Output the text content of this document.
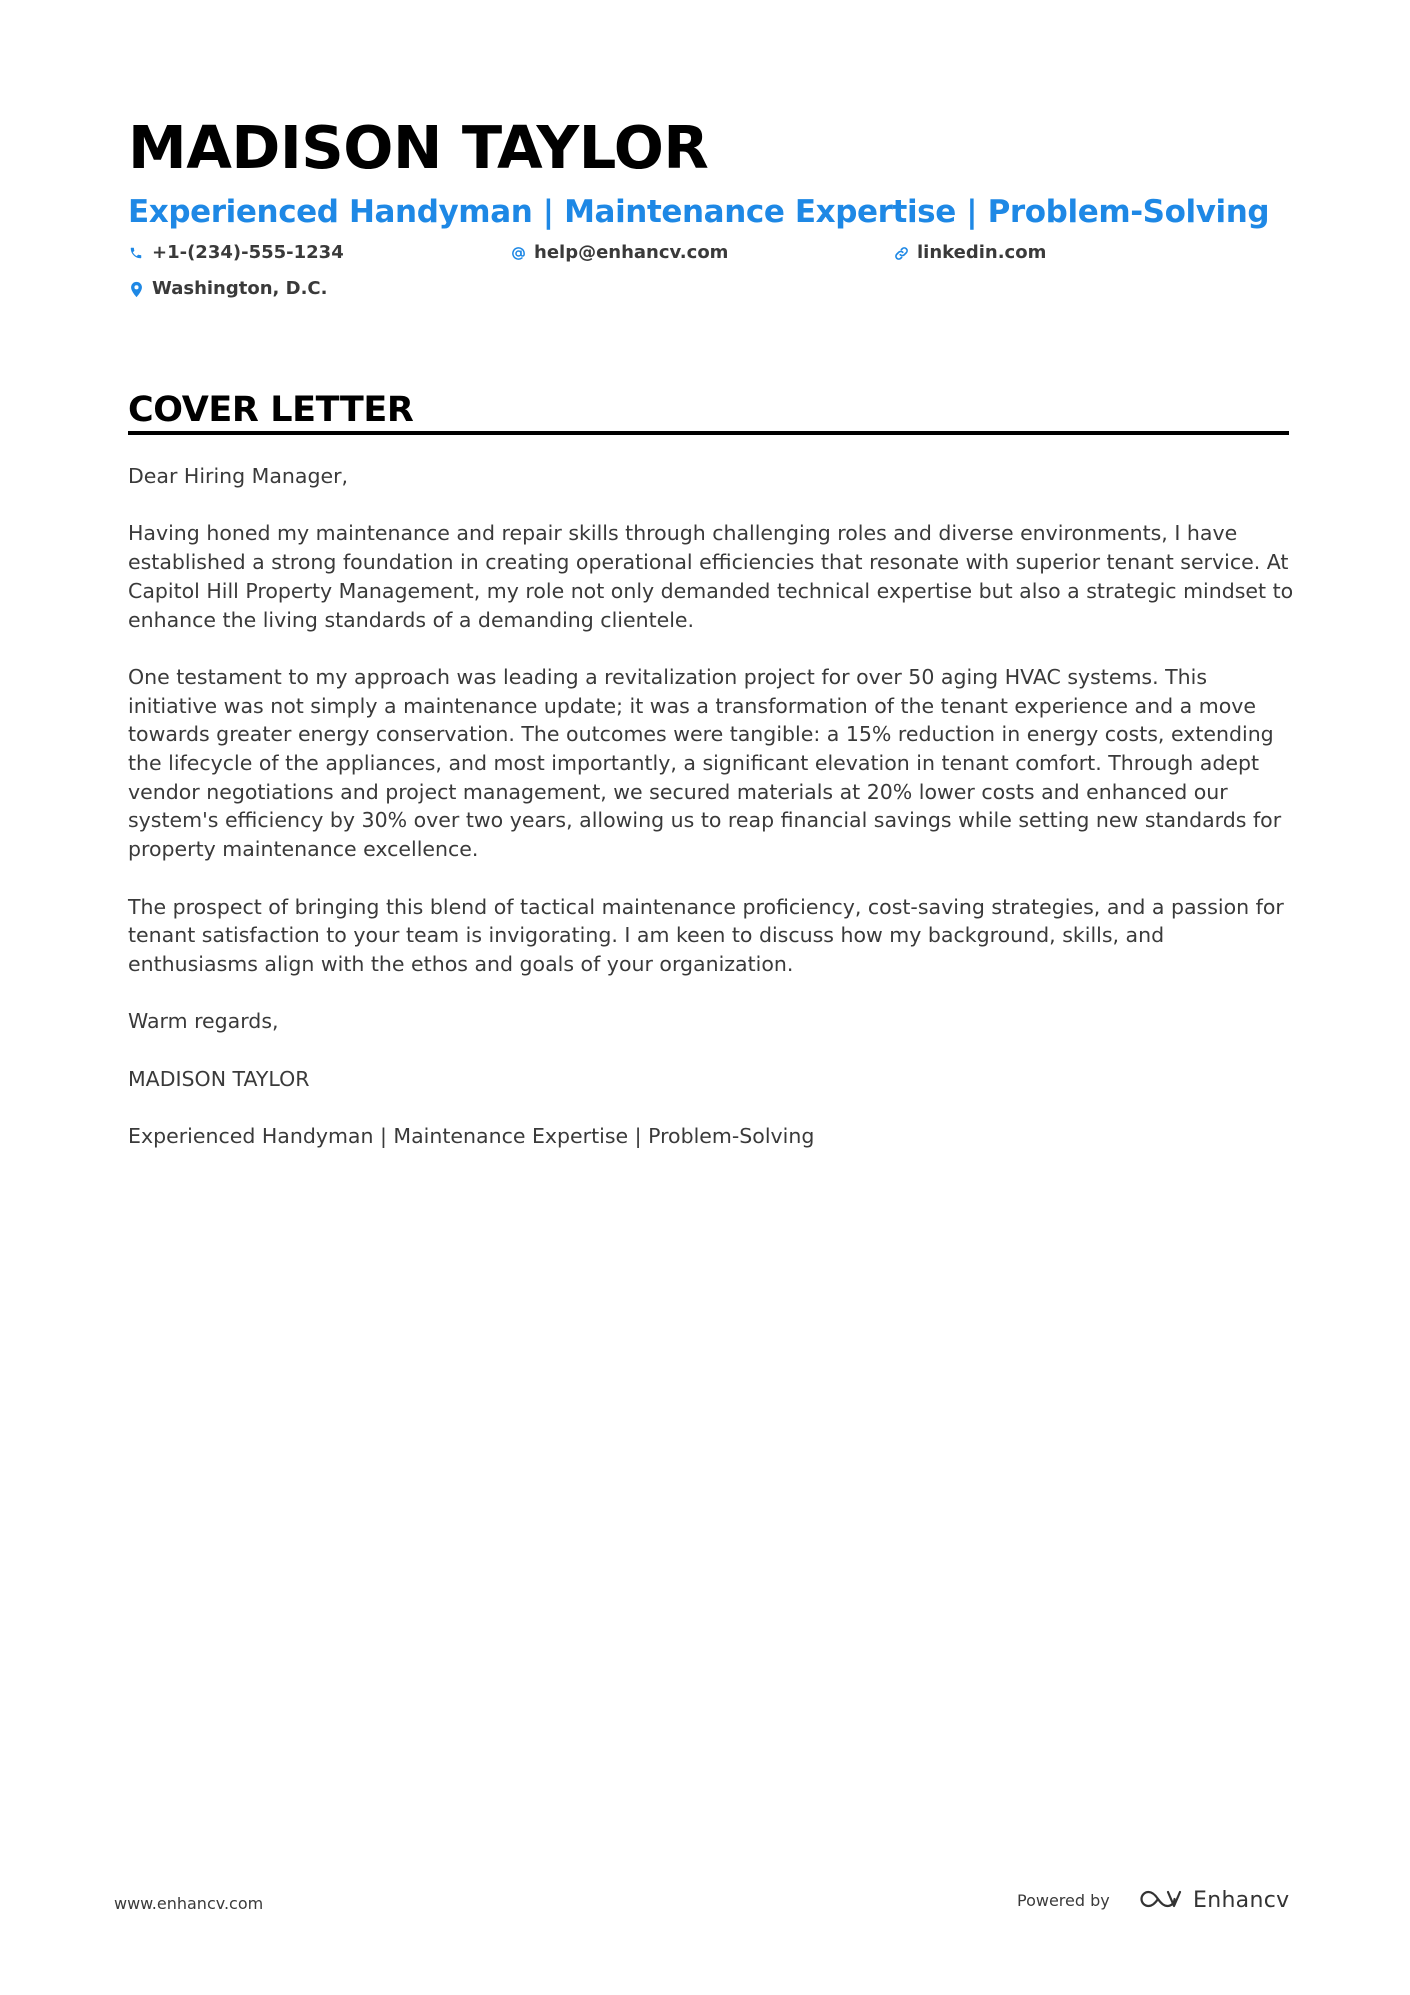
MADISON TAYLOR
Experienced Handyman | Maintenance Expertise | Problem-Solving
+1-(234)-555-1234	help@enhancv.com	linkedin.com
Washington, D.C.
COVER LETTER

Dear Hiring Manager,

Having honed my maintenance and repair skills through challenging roles and diverse environments, I have established a strong foundation in creating operational efficiencies that resonate with superior tenant service. At Capitol Hill Property Management, my role not only demanded technical expertise but also a strategic mindset to enhance the living standards of a demanding clientele.

One testament to my approach was leading a revitalization project for over 50 aging HVAC systems. This initiative was not simply a maintenance update; it was a transformation of the tenant experience and a move towards greater energy conservation. The outcomes were tangible: a 15% reduction in energy costs, extending the lifecycle of the appliances, and most importantly, a significant elevation in tenant comfort. Through adept vendor negotiations and project management, we secured materials at 20% lower costs and enhanced our system's efficiency by 30% over two years, allowing us to reap financial savings while setting new standards for property maintenance excellence.

The prospect of bringing this blend of tactical maintenance proficiency, cost-saving strategies, and a passion for tenant satisfaction to your team is invigorating. I am keen to discuss how my background, skills, and enthusiasms align with the ethos and goals of your organization.

Warm regards,

MADISON TAYLOR

Experienced Handyman | Maintenance Expertise | Problem-Solving

www.enhancv.com	Powered by	Enhancv
